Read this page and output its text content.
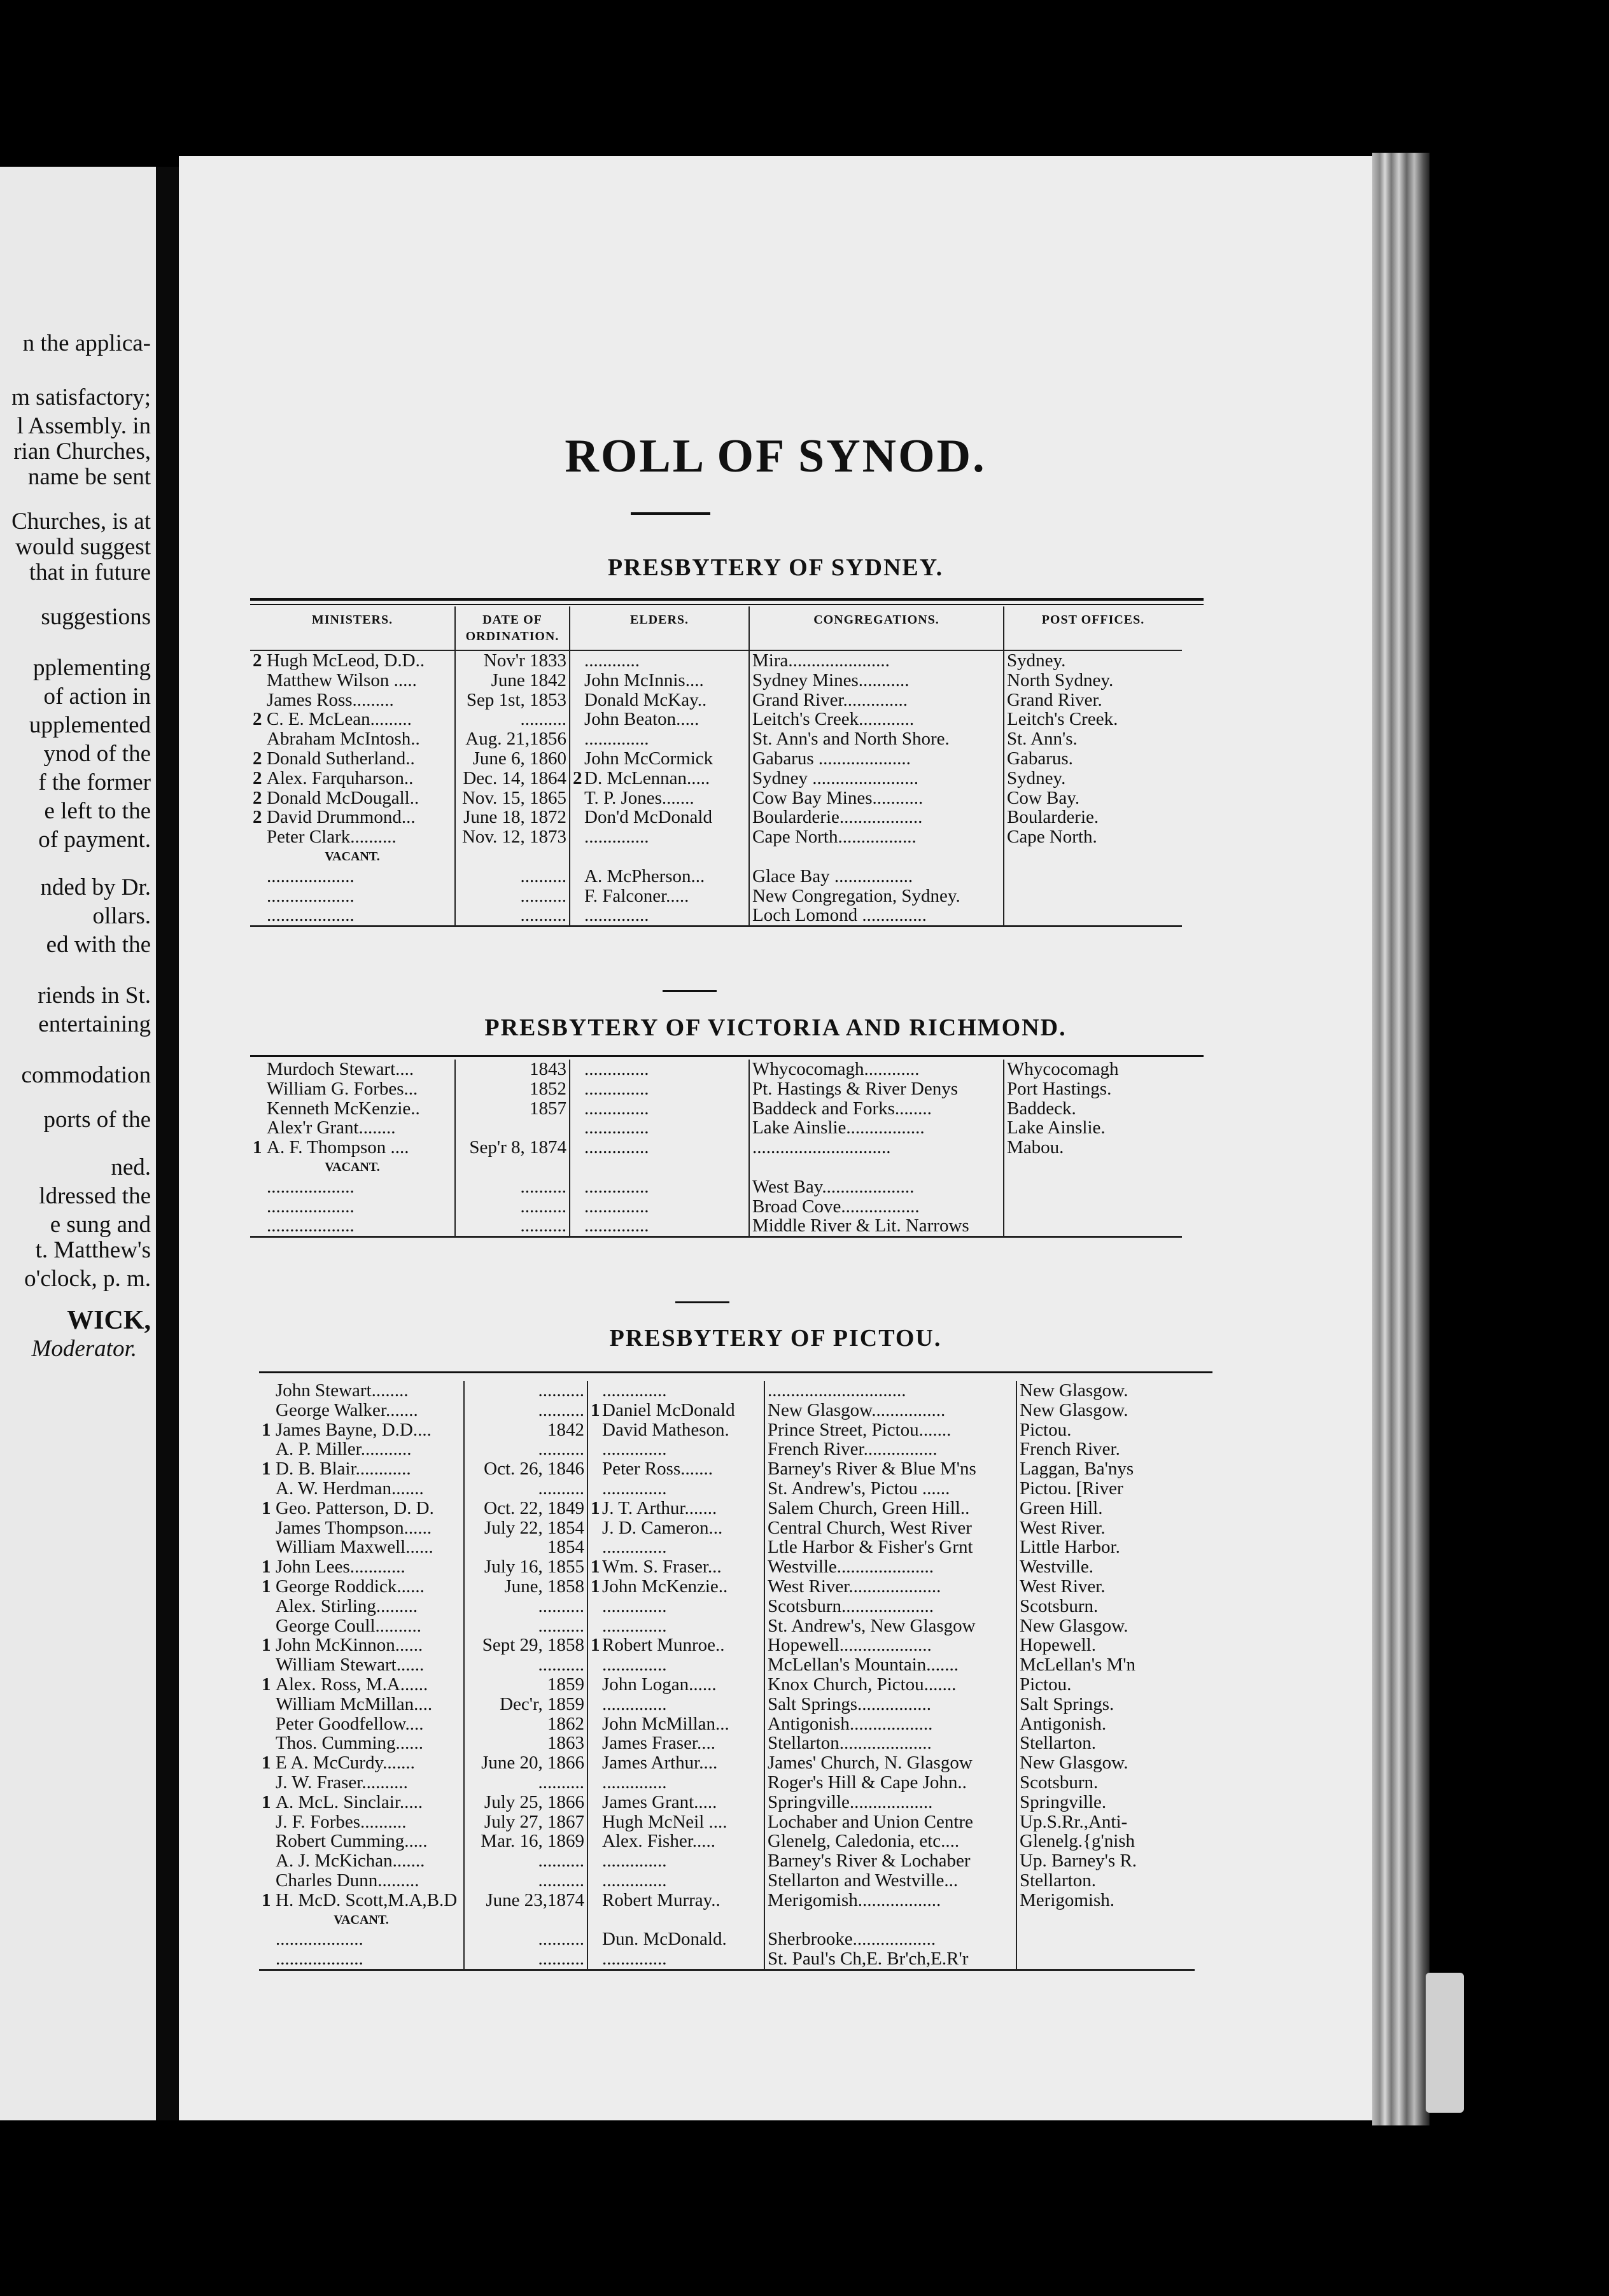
n the applica-
m satisfactory;
l Assembly. in
rian Churches,
name be sent
Churches, is at
would suggest
that in future
suggestions
pplementing
of action in
upplemented
ynod of the
f the former
e left to the
of payment.
nded by Dr.
ollars.
ed with the
riends in St.
entertaining
commodation
ports of the
ned.
ldressed the
e sung and
t. Matthew's
o'clock, p. m.
WICK,
Moderator.
ROLL OF SYNOD.
PRESBYTERY OF SYDNEY.
MINISTERS.	DATE OF ORDINATION.	ELDERS.	CONGREGATIONS.	POST OFFICES.
2 Hugh McLeod, D.D..	Nov'r 1833	............	Mira......................	Sydney.
Matthew Wilson .....	June 1842	John McInnis....	Sydney Mines...........	North Sydney.
James Ross.........	Sep 1st, 1853	Donald McKay..	Grand River..............	Grand River.
2 C. E. McLean.........	..........	John Beaton.....	Leitch's Creek............	Leitch's Creek.
Abraham McIntosh..	Aug. 21,1856	..............	St. Ann's and North Shore.	St. Ann's.
2 Donald Sutherland..	June 6, 1860	John McCormick	Gabarus ....................	Gabarus.
2 Alex. Farquharson..	Dec. 14, 1864	2 D. McLennan.....	Sydney .......................	Sydney.
2 Donald McDougall..	Nov. 15, 1865	T. P. Jones.......	Cow Bay Mines...........	Cow Bay.
2 David Drummond...	June 18, 1872	Don'd McDonald	Boularderie..................	Boularderie.
Peter Clark..........	Nov. 12, 1873	..............	Cape North.................	Cape North.
VACANT.				
...................	..........	A. McPherson...	Glace Bay .................	
...................	..........	F. Falconer.....	New Congregation, Sydney.	
...................	..........	..............	Loch Lomond ..............	
PRESBYTERY OF VICTORIA AND RICHMOND.
Murdoch Stewart....	1843	..............	Whycocomagh............	Whycocomagh
William G. Forbes...	1852	..............	Pt. Hastings & River Denys	Port Hastings.
Kenneth McKenzie..	1857	..............	Baddeck and Forks........	Baddeck.
Alex'r Grant........		..............	Lake Ainslie.................	Lake Ainslie.
1 A. F. Thompson ....	Sep'r 8, 1874	..............	..............................	Mabou.
VACANT.				
...................	..........	..............	West Bay....................	
...................	..........	..............	Broad Cove.................	
...................	..........	..............	Middle River & Lit. Narrows	
PRESBYTERY OF PICTOU.
John Stewart........	..........	..............	..............................	New Glasgow.
George Walker.......	..........	1 Daniel McDonald	New Glasgow................	New Glasgow.
1 James Bayne, D.D....	1842	David Matheson.	Prince Street, Pictou.......	Pictou.
A. P. Miller...........	..........	..............	French River................	French River.
1 D. B. Blair............	Oct. 26, 1846	Peter Ross.......	Barney's River & Blue M'ns	Laggan, Ba'nys
A. W. Herdman.......	..........	..............	St. Andrew's, Pictou ......	Pictou. [River
1 Geo. Patterson, D. D.	Oct. 22, 1849	1 J. T. Arthur.......	Salem Church, Green Hill..	Green Hill.
James Thompson......	July 22, 1854	J. D. Cameron...	Central Church, West River	West River.
William Maxwell......	1854	..............	Ltle Harbor & Fisher's Grnt	Little Harbor.
1 John Lees............	July 16, 1855	1 Wm. S. Fraser...	Westville.....................	Westville.
1 George Roddick......	June, 1858	1 John McKenzie..	West River....................	West River.
Alex. Stirling.........	..........	..............	Scotsburn....................	Scotsburn.
George Coull..........	..........	..............	St. Andrew's, New Glasgow	New Glasgow.
1 John McKinnon......	Sept 29, 1858	1 Robert Munroe..	Hopewell....................	Hopewell.
William Stewart......	..........	..............	McLellan's Mountain.......	McLellan's M'n
1 Alex. Ross, M.A......	1859	John Logan......	Knox Church, Pictou.......	Pictou.
William McMillan....	Dec'r, 1859	..............	Salt Springs................	Salt Springs.
Peter Goodfellow....	1862	John McMillan...	Antigonish..................	Antigonish.
Thos. Cumming......	1863	James Fraser....	Stellarton....................	Stellarton.
1 E A. McCurdy.......	June 20, 1866	James Arthur....	James' Church, N. Glasgow	New Glasgow.
J. W. Fraser..........	..........	..............	Roger's Hill & Cape John..	Scotsburn.
1 A. McL. Sinclair.....	July 25, 1866	James Grant.....	Springville..................	Springville.
J. F. Forbes..........	July 27, 1867	Hugh McNeil ....	Lochaber and Union Centre	Up.S.Rr.,Anti-
Robert Cumming.....	Mar. 16, 1869	Alex. Fisher.....	Glenelg, Caledonia, etc....	Glenelg.{g'nish
A. J. McKichan.......	..........	..............	Barney's River & Lochaber	Up. Barney's R.
Charles Dunn.........	..........	..............	Stellarton and Westville...	Stellarton.
1 H. McD. Scott,M.A,B.D	June 23,1874	Robert Murray..	Merigomish..................	Merigomish.
VACANT.				
...................	..........	Dun. McDonald.	Sherbrooke..................	
...................	..........	..............	St. Paul's Ch,E. Br'ch,E.R'r	
